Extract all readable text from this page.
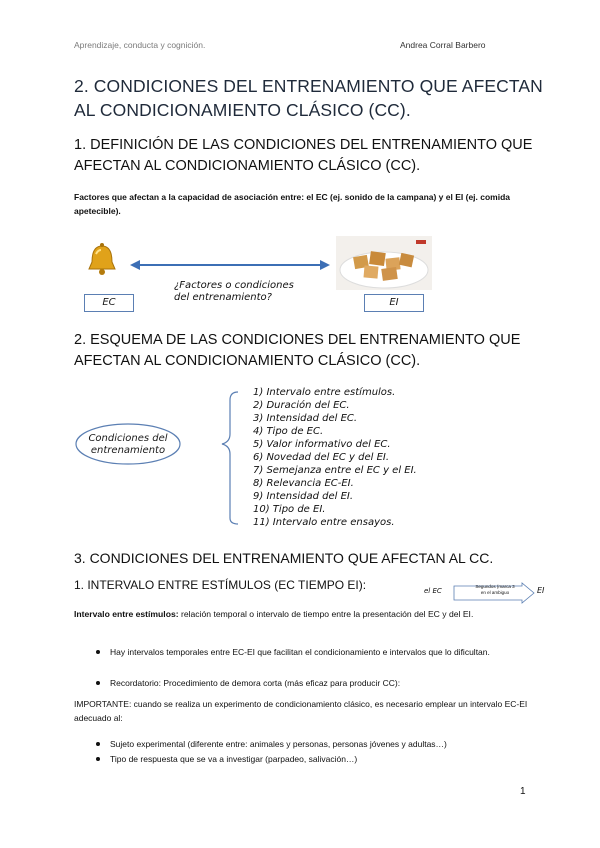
Aprendizaje, conducta y cognición.	Andrea Corral Barbero
2. CONDICIONES DEL ENTRENAMIENTO QUE AFECTAN AL CONDICIONAMIENTO CLÁSICO (CC).
1. DEFINICIÓN DE LAS CONDICIONES DEL ENTRENAMIENTO QUE AFECTAN AL CONDICIONAMIENTO CLÁSICO (CC).
Factores que afectan a la capacidad de asociación entre: el EC (ej. sonido de la campana) y el EI (ej. comida apetecible).
¿Factores o condiciones
del entrenamiento?
EC	EI
2. ESQUEMA DE LAS CONDICIONES DEL ENTRENAMIENTO QUE AFECTAN AL CONDICIONAMIENTO CLÁSICO (CC).
Condiciones del
entrenamiento
1) Intervalo entre estímulos.
2) Duración del EC.
3) Intensidad del EC.
4) Tipo de EC.
5) Valor informativo del EC.
6) Novedad del EC y del EI.
7) Semejanza entre el EC y el EI.
8) Relevancia EC-EI.
9) Intensidad del EI.
10) Tipo de EI.
11) Intervalo entre ensayos.
3. CONDICIONES DEL ENTRENAMIENTO QUE AFECTAN AL CC.
1. INTERVALO ENTRE ESTÍMULOS (EC TIEMPO EI):	el EC
Segundos (marca 3
en el ambiguo	EI
Intervalo entre estímulos: relación temporal o intervalo de tiempo entre la presentación del EC y del EI.
Hay intervalos temporales entre EC-EI que facilitan el condicionamiento e intervalos que lo dificultan.
Recordatorio: Procedimiento de demora corta (más eficaz para producir CC):
IMPORTANTE: cuando se realiza un experimento de condicionamiento clásico, es necesario emplear un intervalo EC-EI adecuado al:
Sujeto experimental (diferente entre: animales y personas, personas jóvenes y adultas…)
Tipo de respuesta que se va a investigar (parpadeo, salivación…)
1
